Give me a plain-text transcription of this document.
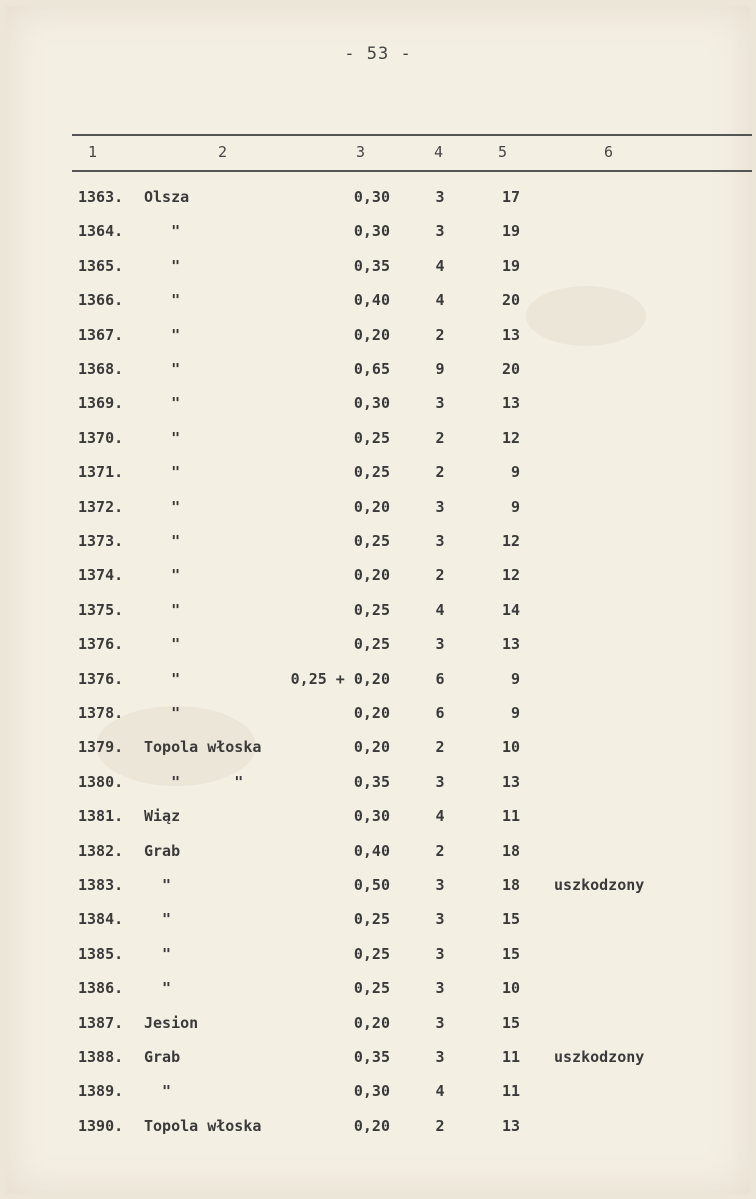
- 53 -
1	2	3	4	5	6
1363. Olsza	0,30	3	17
1364. "	0,30	3	19
1365. "	0,35	4	19
1366. "	0,40	4	20
1367. "	0,20	2	13
1368. "	0,65	9	20
1369. "	0,30	3	13
1370. "	0,25	2	12
1371. "	0,25	2	9
1372. "	0,20	3	9
1373. "	0,25	3	12
1374. "	0,20	2	12
1375. "	0,25	4	14
1376. "	0,25	3	13
1376. "	0,25 + 0,20	6	9
1378. "	0,20	6	9
1379. Topola włoska	0,20	2	10
1380. "      "	0,35	3	13
1381. Wiąz	0,30	4	11
1382. Grab	0,40	2	18
1383. "	0,50	3	18 uszkodzony
1384. "	0,25	3	15
1385. "	0,25	3	15
1386. "	0,25	3	10
1387. Jesion	0,20	3	15
1388. Grab	0,35	3	11 uszkodzony
1389. "	0,30	4	11
1390. Topola włoska	0,20	2	13
